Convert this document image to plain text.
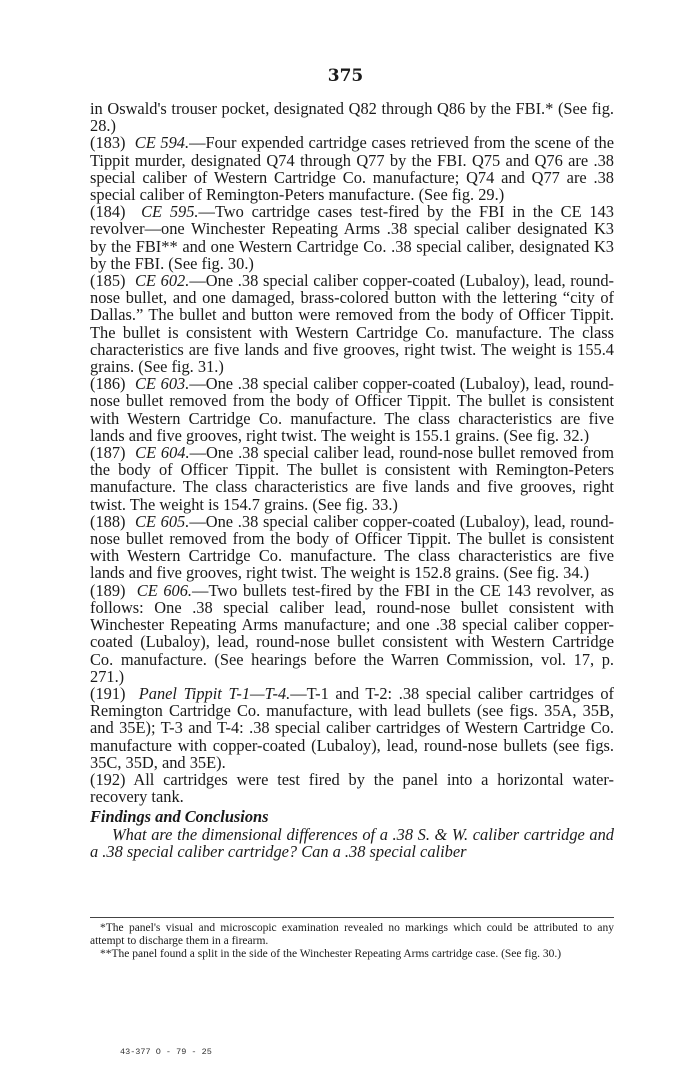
375

in Oswald's trouser pocket, designated Q82 through Q86 by the FBI.* (See fig. 28.)

(183) CE 594.—Four expended cartridge cases retrieved from the scene of the Tippit murder, designated Q74 through Q77 by the FBI. Q75 and Q76 are .38 special caliber of Western Cartridge Co. manufacture; Q74 and Q77 are .38 special caliber of Remington-Peters manufacture. (See fig. 29.)

(184) CE 595.—Two cartridge cases test-fired by the FBI in the CE 143 revolver—one Winchester Repeating Arms .38 special caliber designated K3 by the FBI** and one Western Cartridge Co. .38 special caliber, designated K3 by the FBI. (See fig. 30.)

(185) CE 602.—One .38 special caliber copper-coated (Lubaloy), lead, round-nose bullet, and one damaged, brass-colored button with the lettering “city of Dallas.” The bullet and button were removed from the body of Officer Tippit. The bullet is consistent with Western Cartridge Co. manufacture. The class characteristics are five lands and five grooves, right twist. The weight is 155.4 grains. (See fig. 31.)

(186) CE 603.—One .38 special caliber copper-coated (Lubaloy), lead, round-nose bullet removed from the body of Officer Tippit. The bullet is consistent with Western Cartridge Co. manufacture. The class characteristics are five lands and five grooves, right twist. The weight is 155.1 grains. (See fig. 32.)

(187) CE 604.—One .38 special caliber lead, round-nose bullet removed from the body of Officer Tippit. The bullet is consistent with Remington-Peters manufacture. The class characteristics are five lands and five grooves, right twist. The weight is 154.7 grains. (See fig. 33.)

(188) CE 605.—One .38 special caliber copper-coated (Lubaloy), lead, round-nose bullet removed from the body of Officer Tippit. The bullet is consistent with Western Cartridge Co. manufacture. The class characteristics are five lands and five grooves, right twist. The weight is 152.8 grains. (See fig. 34.)

(189) CE 606.—Two bullets test-fired by the FBI in the CE 143 revolver, as follows: One .38 special caliber lead, round-nose bullet consistent with Winchester Repeating Arms manufacture; and one .38 special caliber copper-coated (Lubaloy), lead, round-nose bullet consistent with Western Cartridge Co. manufacture. (See hearings before the Warren Commission, vol. 17, p. 271.)

(191) Panel Tippit T-1—T-4.—T-1 and T-2: .38 special caliber cartridges of Remington Cartridge Co. manufacture, with lead bullets (see figs. 35A, 35B, and 35E); T-3 and T-4: .38 special caliber cartridges of Western Cartridge Co. manufacture with copper-coated (Lubaloy), lead, round-nose bullets (see figs. 35C, 35D, and 35E).

(192) All cartridges were test fired by the panel into a horizontal water-recovery tank.

Findings and Conclusions

What are the dimensional differences of a .38 S. & W. caliber cartridge and a .38 special caliber cartridge? Can a .38 special caliber

*The panel's visual and microscopic examination revealed no markings which could be attributed to any attempt to discharge them in a firearm.

**The panel found a split in the side of the Winchester Repeating Arms cartridge case. (See fig. 30.)

43-377 O - 79 - 25
